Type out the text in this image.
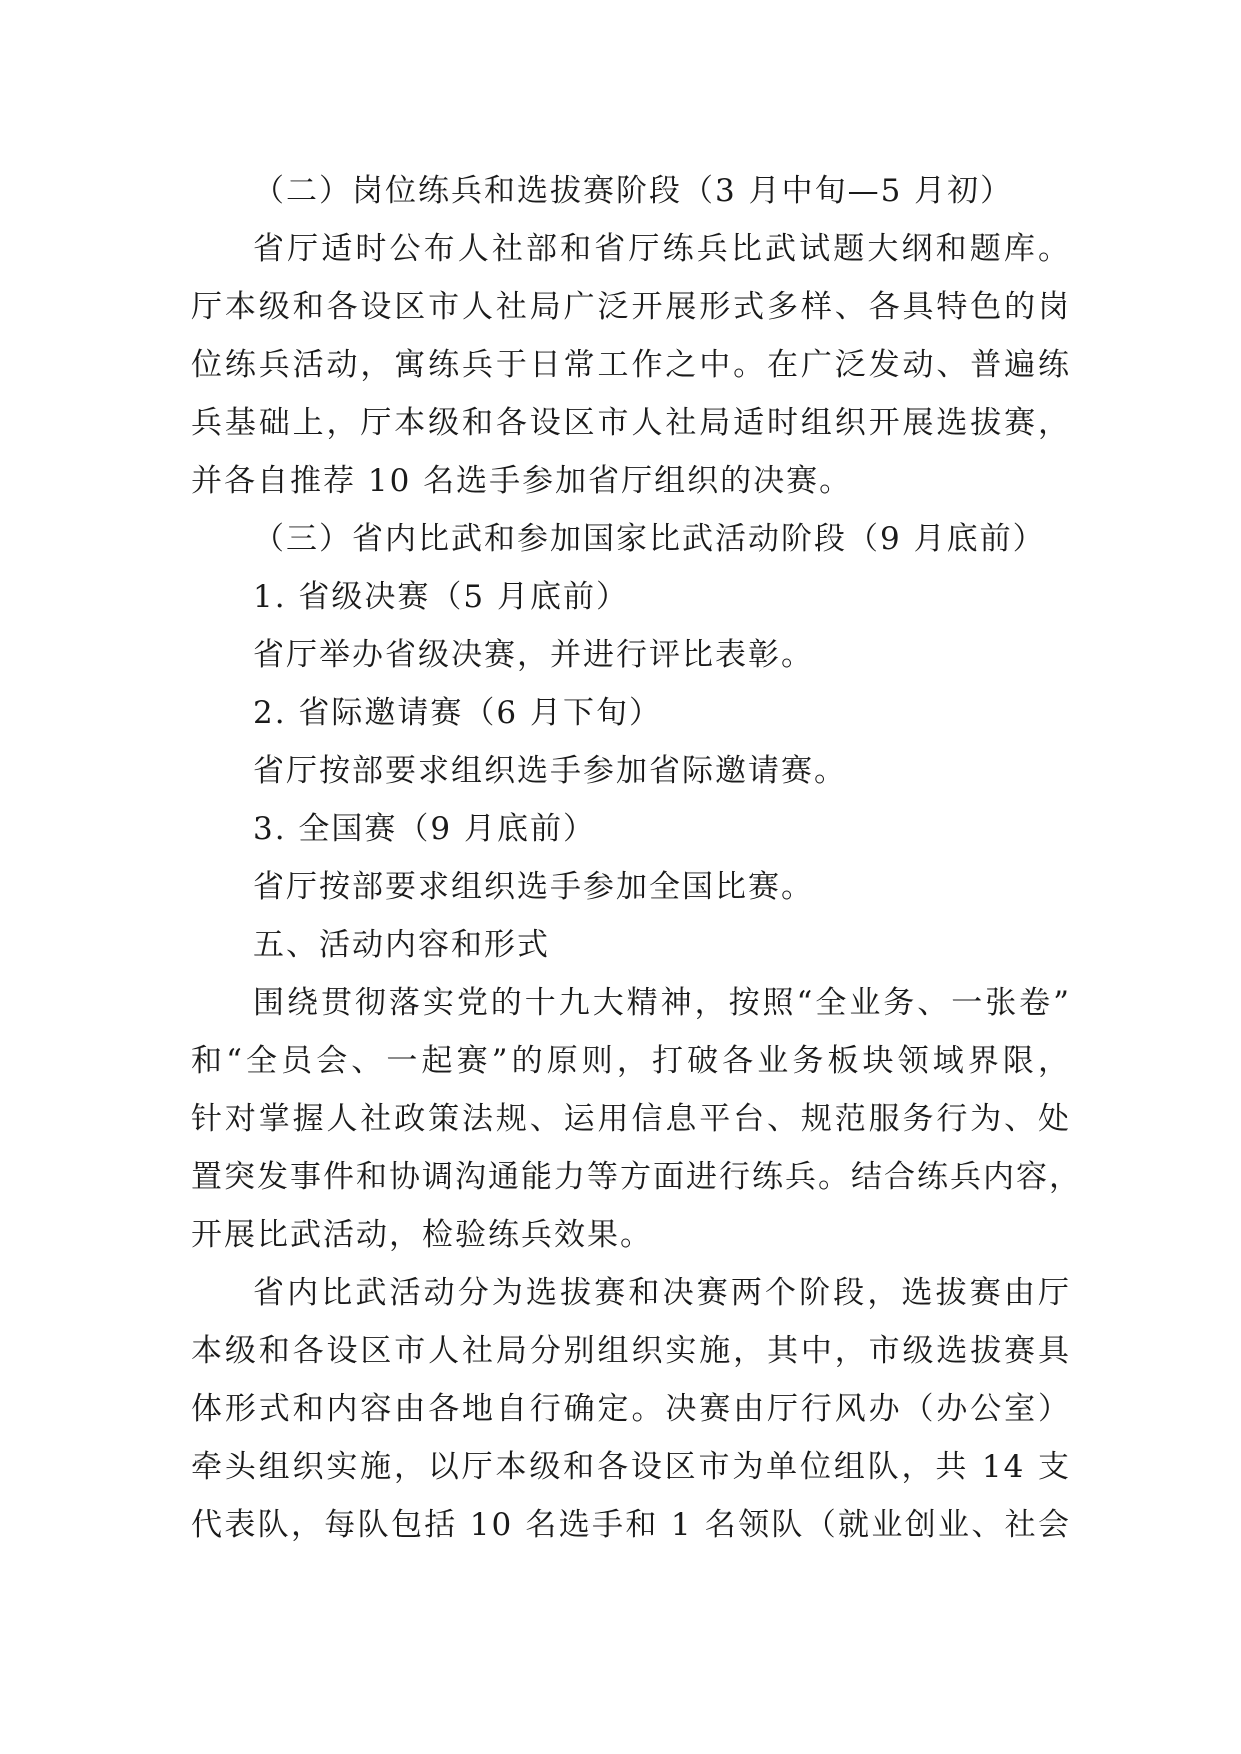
（二）岗位练兵和选拔赛阶段（3 月中旬—5 月初）
省厅适时公布人社部和省厅练兵比武试题大纲和题库。
厅本级和各设区市人社局广泛开展形式多样、各具特色的岗
位练兵活动，寓练兵于日常工作之中。在广泛发动、普遍练
兵基础上，厅本级和各设区市人社局适时组织开展选拔赛，
并各自推荐 10 名选手参加省厅组织的决赛。
（三）省内比武和参加国家比武活动阶段（9 月底前）
1. 省级决赛（5 月底前）
省厅举办省级决赛，并进行评比表彰。
2. 省际邀请赛（6 月下旬）
省厅按部要求组织选手参加省际邀请赛。
3. 全国赛（9 月底前）
省厅按部要求组织选手参加全国比赛。
五、活动内容和形式
围绕贯彻落实党的十九大精神，按照“全业务、一张卷”
和“全员会、一起赛”的原则，打破各业务板块领域界限，
针对掌握人社政策法规、运用信息平台、规范服务行为、处
置突发事件和协调沟通能力等方面进行练兵。结合练兵内容，
开展比武活动，检验练兵效果。
省内比武活动分为选拔赛和决赛两个阶段，选拔赛由厅
本级和各设区市人社局分别组织实施，其中，市级选拔赛具
体形式和内容由各地自行确定。决赛由厅行风办（办公室）
牵头组织实施，以厅本级和各设区市为单位组队，共 14 支
代表队，每队包括 10 名选手和 1 名领队（就业创业、社会
